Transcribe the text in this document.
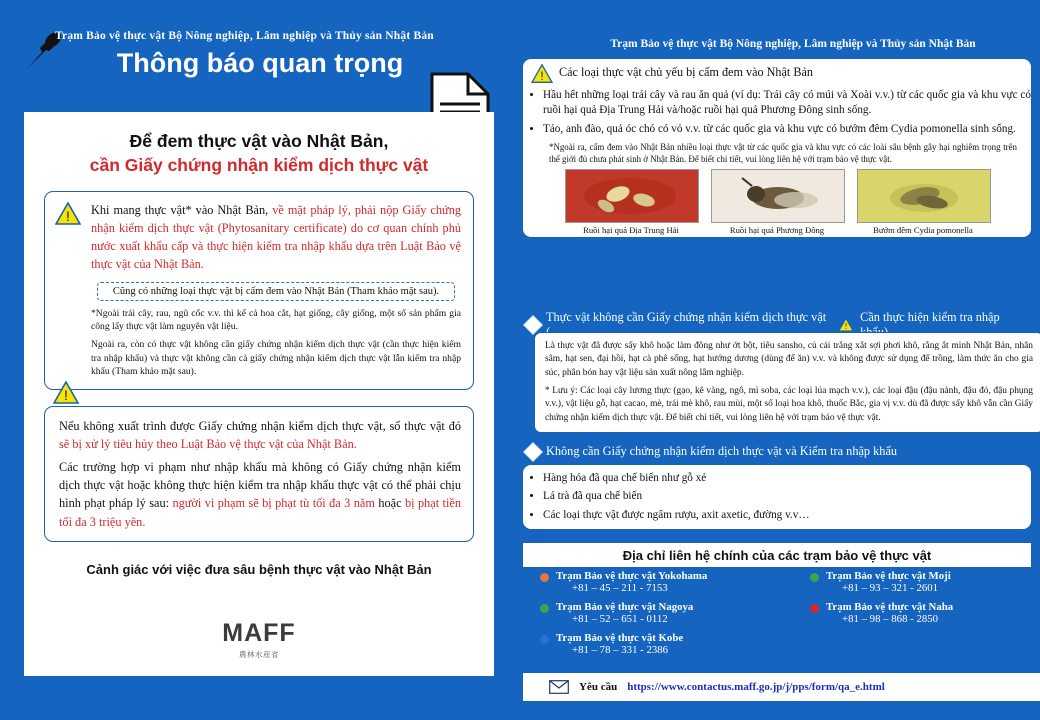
Trạm Bảo vệ thực vật Bộ Nông nghiệp, Lâm nghiệp và Thủy sản Nhật Bản
Thông báo quan trọng
Để đem thực vật vào Nhật Bản,
cần Giấy chứng nhận kiểm dịch thực vật
! Khi mang thực vật* vào Nhật Bản, về mặt pháp lý, phải nộp Giấy chứng nhận kiểm dịch thực vật (Phytosanitary certificate) do cơ quan chính phủ nước xuất khẩu cấp và thực hiện kiểm tra nhập khẩu dựa trên Luật Bảo vệ thực vật của Nhật Bản.
Cũng có những loại thực vật bị cấm đem vào Nhật Bản (Tham khảo mặt sau).
*Ngoài trái cây, rau, ngũ cốc v.v. thì kể cả hoa cắt, hạt giống, cây giống, một số sản phẩm gia công lấy thực vật làm nguyên vật liệu.
Ngoài ra, còn có thực vật không cần giấy chứng nhận kiểm dịch thực vật (cần thực hiện kiểm tra nhập khẩu) và thực vật không cần cả giấy chứng nhận kiểm dịch thực vật lẫn kiểm tra nhập khẩu (Tham khảo mặt sau).
!
Nếu không xuất trình được Giấy chứng nhận kiểm dịch thực vật, số thực vật đó sẽ bị xử lý tiêu hủy theo Luật Bảo vệ thực vật của Nhật Bản.
Các trường hợp vi phạm như nhập khẩu mà không có Giấy chứng nhận kiểm dịch thực vật hoặc không thực hiện kiểm tra nhập khẩu thực vật có thể phải chịu hình phạt pháp lý sau: người vi phạm sẽ bị phạt tù tối đa 3 năm hoặc bị phạt tiền tối đa 3 triệu yên.
Cảnh giác với việc đưa sâu bệnh thực vật vào Nhật Bản
MAFF
農林水産省
Trạm Bảo vệ thực vật Bộ Nông nghiệp, Lâm nghiệp và Thủy sản Nhật Bản
! Các loại thực vật chủ yếu bị cấm đem vào Nhật Bản
• Hầu hết những loại trái cây và rau ăn quả (ví dụ: Trái cây có múi và Xoài v.v.) từ các quốc gia và khu vực có ruồi hại quả Địa Trung Hải và/hoặc ruồi hại quả Phương Đông sinh sống.
• Táo, anh đào, quả óc chó có vỏ v.v. từ các quốc gia và khu vực có bướm đêm Cydia pomonella sinh sống.
*Ngoài ra, cấm đem vào Nhật Bản nhiều loại thực vật từ các quốc gia và khu vực có các loài sâu bệnh gây hại nghiêm trọng trên thế giới đủ chưa phát sinh ở Nhật Bản. Để biết chi tiết, vui lòng liên hệ với trạm bảo vệ thực vật.
Ruồi hại quả Địa Trung Hải	Ruồi hại quả Phương Đông	Bướm đêm Cydia pomonella
Thực vật không cần Giấy chứng nhận kiểm dịch thực vật
!
Cần thực hiện kiểm tra nhập

Là thực vật đã được sấy khô hoặc làm đông như ớt bột, tiêu sansho, củ cải trắng xắt sợi phơi khô, rằng ắt minh Nhật Bản, nhân sâm, hạt sen, đại hồi, hạt cà phê sống, hạt hướng dương (dùng để ăn) v.v. và không được sử dụng để trồng, làm thức ăn cho gia súc, phân bón hay vật liệu sản xuất nông lâm nghiệp.

* Lưu ý: Các loại cây lương thực (gạo, kê vàng, ngô, mì soba, các loại lúa mạch v.v.), các loại đậu (đậu nành, đậu đỏ, đậu phụng v.v.), vật liệu gỗ, hạt cacao, mè, trái mè khô, rau mùi, một số loại hoa khô, thuốc Bắc, gia vị v.v. dù đã được sấy khô vẫn cần Giấy chứng nhận kiểm dịch thực vật. Để biết chi tiết, vui lòng liên hệ với trạm bảo vệ thực vật.

Không cần Giấy chứng nhận kiểm dịch thực vật và Kiểm tra nhập khẩu
• Hàng hóa đã qua chế biến như gỗ xẻ
• Lá trà đã qua chế biến
• Các loại thực vật được ngâm rượu, axit axetic, đường v.v…
Địa chỉ liên hệ chính của các trạm bảo vệ thực vật
Trạm Bảo vệ thực vật Yokohama
+81 – 45 – 211 - 7153
Trạm Bảo vệ thực vật Nagoya
+81 – 52 – 651 - 0112
Trạm Bảo vệ thực vật Kobe
+81 – 78 – 331 - 2386
Trạm Bảo vệ thực vật Moji
+81 – 93 – 321 - 2601
Trạm Bảo vệ thực vật Naha
+81 – 98 – 868 - 2850
Yêu cầu https://www.contactus.maff.go.jp/j/pps/form/qa_e.html
